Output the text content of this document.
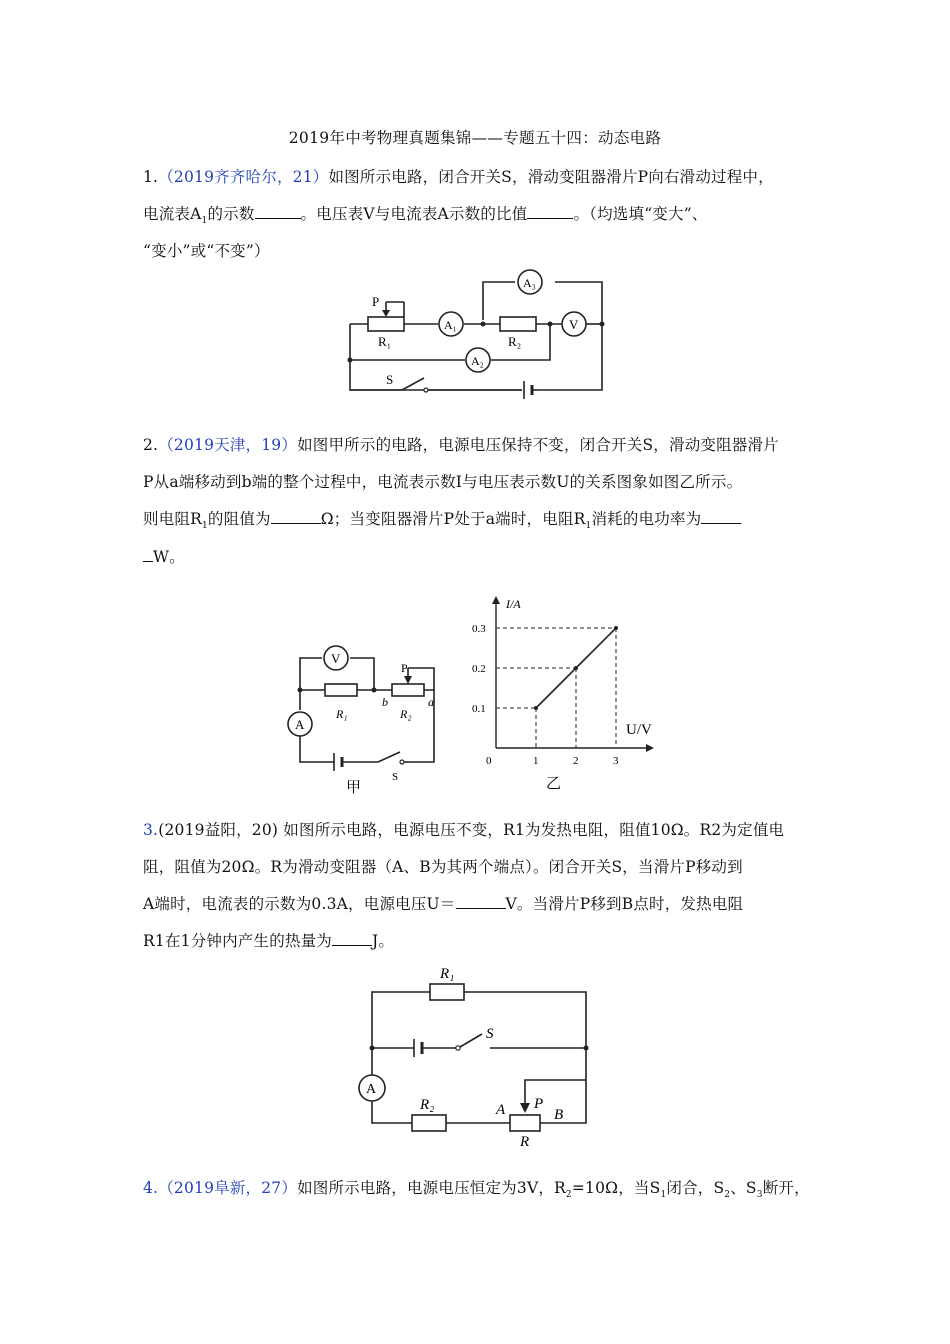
2019年中考物理真题集锦——专题五十四：动态电路
1.（2019齐齐哈尔，21）如图所示电路，闭合开关S，滑动变阻器滑片P向右滑动过程中，
电流表$A_1$的示数	。电压表V与电流表A示数的比值	。（均选填“变大”、
“变小”或“不变”）
P
R₁
A₁
R₂
V
A₃
A₂
S
2.（2019天津，19）如图甲所示的电路，电源电压保持不变，闭合开关S，滑动变阻器滑片
P从a端移动到b端的整个过程中，电流表示数I与电压表示数U的关系图象如图乙所示。
则电阻$R_1$的阻值为	Ω；当变阻器滑片P处于a端时，电阻$R_1$消耗的电功率为
W。
V
A
P
R₁	R₂
b	a
S
甲
I/A
U/V
0
0.1
1
0.2
2
0.3
3
乙
3.(2019益阳，20) 如图所示电路，电源电压不变，R1为发热电阻，阻值10Ω。R2为定值电
阻，阻值为20Ω。R为滑动变阻器（A、B为其两个端点）。闭合开关S，当滑片P移动到
A端时，电流表的示数为0.3A，电源电压U＝	V。当滑片P移到B点时，发热电阻
R1在1分钟内产生的热量为	J。
R₁
S
A
R₂	A P
B
R
4.（2019阜新，27）如图所示电路，电源电压恒定为3V，$R_2=10\Omega$，当$S_1$闭合，$S_2$、$S_3$断开，
